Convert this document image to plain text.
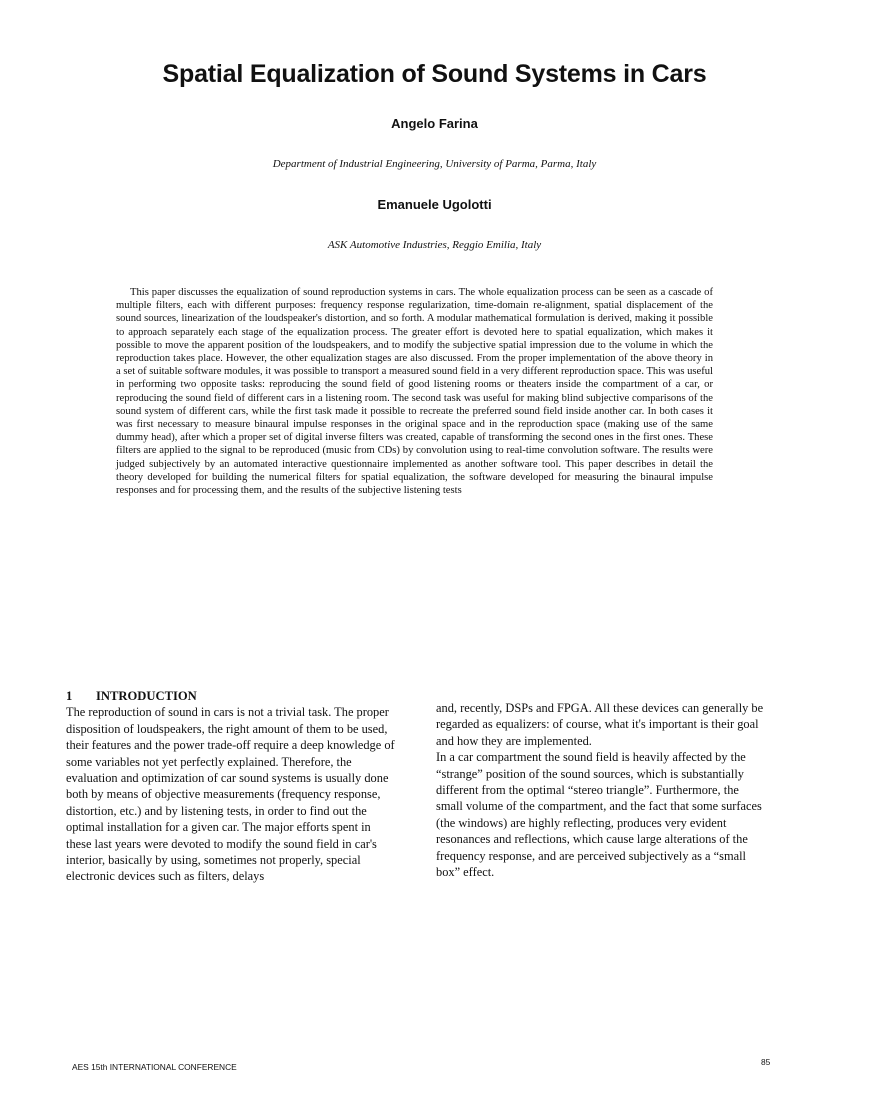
Spatial Equalization of Sound Systems in Cars
Angelo Farina
Department of Industrial Engineering, University of Parma, Parma, Italy
Emanuele Ugolotti
ASK Automotive Industries, Reggio Emilia, Italy

This paper discusses the equalization of sound reproduction systems in cars. The whole equalization process can be seen as a cascade of multiple filters, each with different purposes: frequency response regularization, time-domain re-alignment, spatial displacement of the sound sources, linearization of the loudspeaker's distortion, and so forth. A modular mathematical formulation is derived, making it possible to approach separately each stage of the equalization process. The greater effort is devoted here to spatial equalization, which makes it possible to move the apparent position of the loudspeakers, and to modify the subjective spatial impression due to the volume in which the reproduction takes place. However, the other equalization stages are also discussed. From the proper implementation of the above theory in a set of suitable software modules, it was possible to transport a measured sound field in a very different reproduction space. This was useful in performing two opposite tasks: reproducing the sound field of good listening rooms or theaters inside the compartment of a car, or reproducing the sound field of different cars in a listening room. The second task was useful for making blind subjective comparisons of the sound system of different cars, while the first task made it possible to recreate the preferred sound field inside another car. In both cases it was first necessary to measure binaural impulse responses in the original space and in the reproduction space (making use of the same dummy head), after which a proper set of digital inverse filters was created, capable of transforming the second ones in the first ones. These filters are applied to the signal to be reproduced (music from CDs) by convolution using to real-time convolution software. The results were judged subjectively by an automated interactive questionnaire implemented as another software tool. This paper describes in detail the theory developed for building the numerical filters for spatial equalization, the software developed for measuring the binaural impulse responses and for processing them, and the results of the subjective listening tests

1 INTRODUCTION

The reproduction of sound in cars is not a trivial task. The proper disposition of loudspeakers, the right amount of them to be used, their features and the power trade-off require a deep knowledge of some variables not yet perfectly explained. Therefore, the evaluation and optimization of car sound systems is usually done both by means of objective measurements (frequency response, distortion, etc.) and by listening tests, in order to find out the optimal installation for a given car. The major efforts spent in these last years were devoted to modify the sound field in car's interior, basically by using, sometimes not properly, special electronic devices such as filters, delays

and, recently, DSPs and FPGA. All these devices can generally be regarded as equalizers: of course, what it's important is their goal and how they are implemented.

In a car compartment the sound field is heavily affected by the “strange” position of the sound sources, which is substantially different from the optimal “stereo triangle”. Furthermore, the small volume of the compartment, and the fact that some surfaces (the windows) are highly reflecting, produces very evident resonances and reflections, which cause large alterations of the frequency response, and are perceived subjectively as a “small box” effect.

AES 15th INTERNATIONAL CONFERENCE	85
